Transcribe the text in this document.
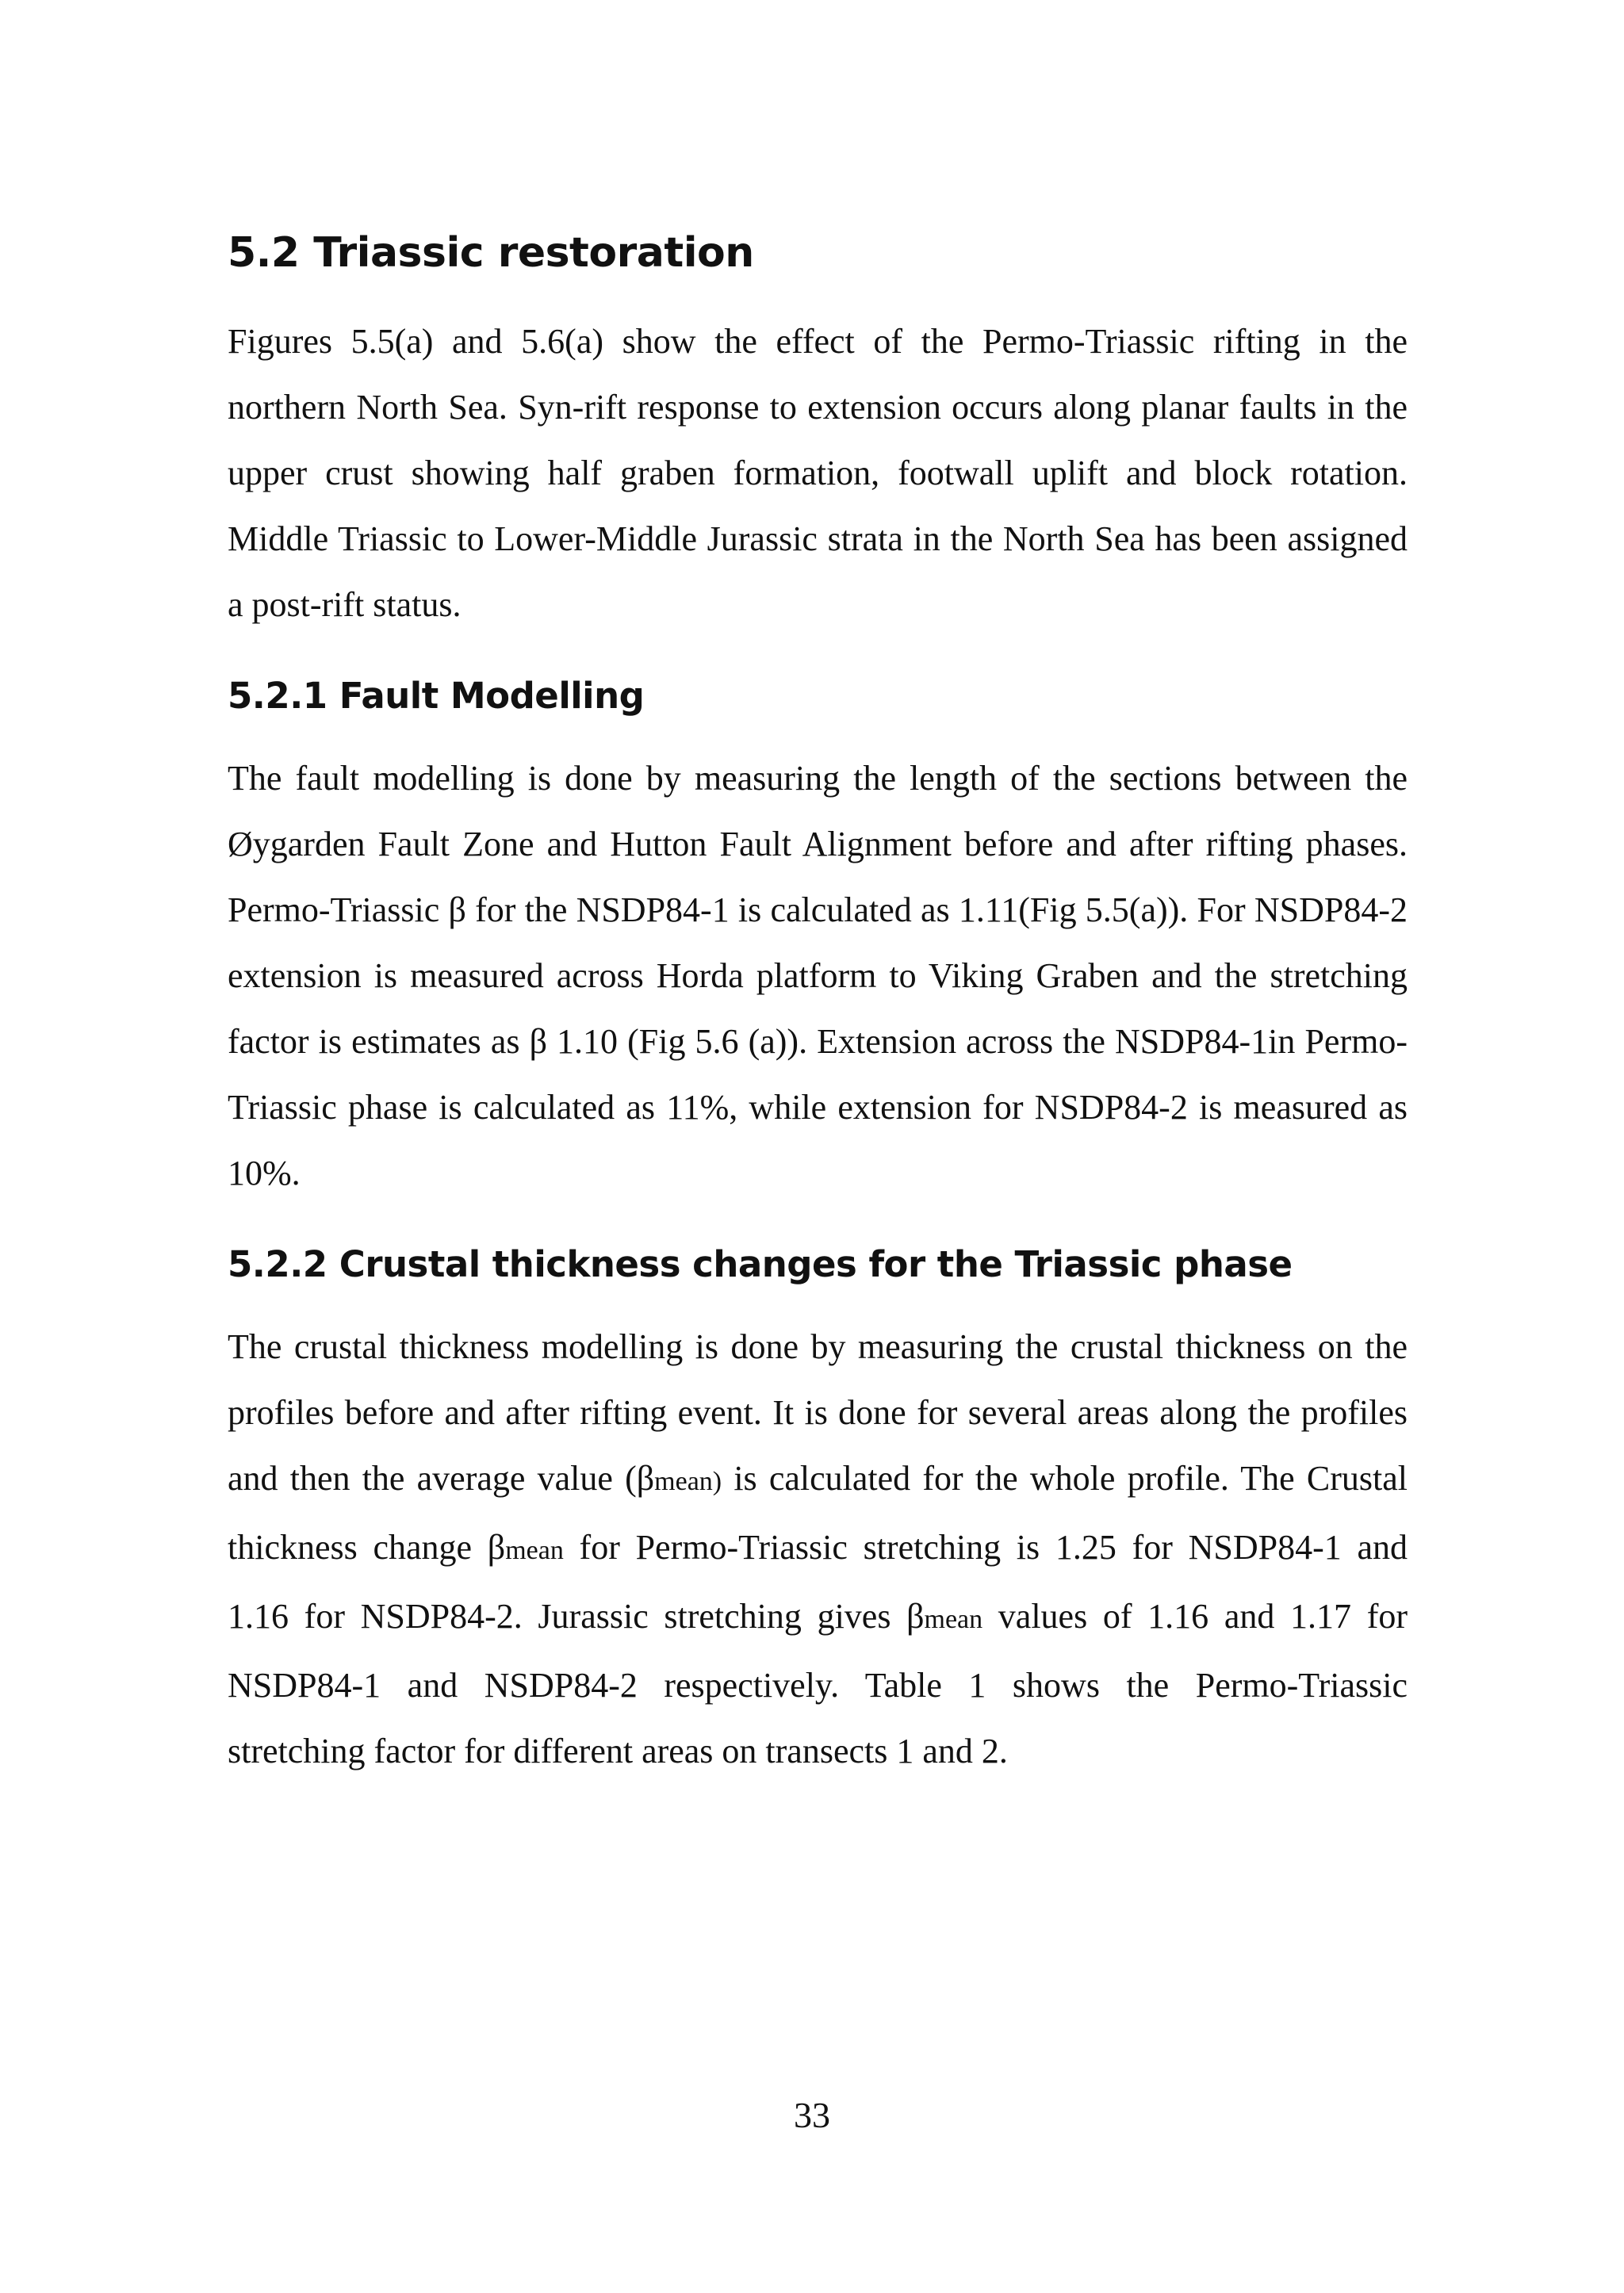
5.2 Triassic restoration

Figures 5.5(a) and 5.6(a) show the effect of the Permo-Triassic rifting in the northern North Sea. Syn-rift response to extension occurs along planar faults in the upper crust showing half graben formation, footwall uplift and block rotation. Middle Triassic to Lower-Middle Jurassic strata in the North Sea has been assigned a post-rift status.

5.2.1 Fault Modelling

The fault modelling is done by measuring the length of the sections between the Øygarden Fault Zone and Hutton Fault Alignment before and after rifting phases. Permo-Triassic β for the NSDP84-1 is calculated as 1.11(Fig 5.5(a)). For NSDP84-2 extension is measured across Horda platform to Viking Graben and the stretching factor is estimates as β 1.10 (Fig 5.6 (a)). Extension across the NSDP84-1in Permo-Triassic phase is calculated as 11%, while extension for NSDP84-2 is measured as 10%.

5.2.2 Crustal thickness changes for the Triassic phase

The crustal thickness modelling is done by measuring the crustal thickness on the profiles before and after rifting event. It is done for several areas along the profiles and then the average value (βmean) is calculated for the whole profile. The Crustal thickness change βmean for Permo-Triassic stretching is 1.25 for NSDP84-1 and 1.16 for NSDP84-2. Jurassic stretching gives βmean values of 1.16 and 1.17 for NSDP84-1 and NSDP84-2 respectively. Table 1 shows the Permo-Triassic stretching factor for different areas on transects 1 and 2.

33
